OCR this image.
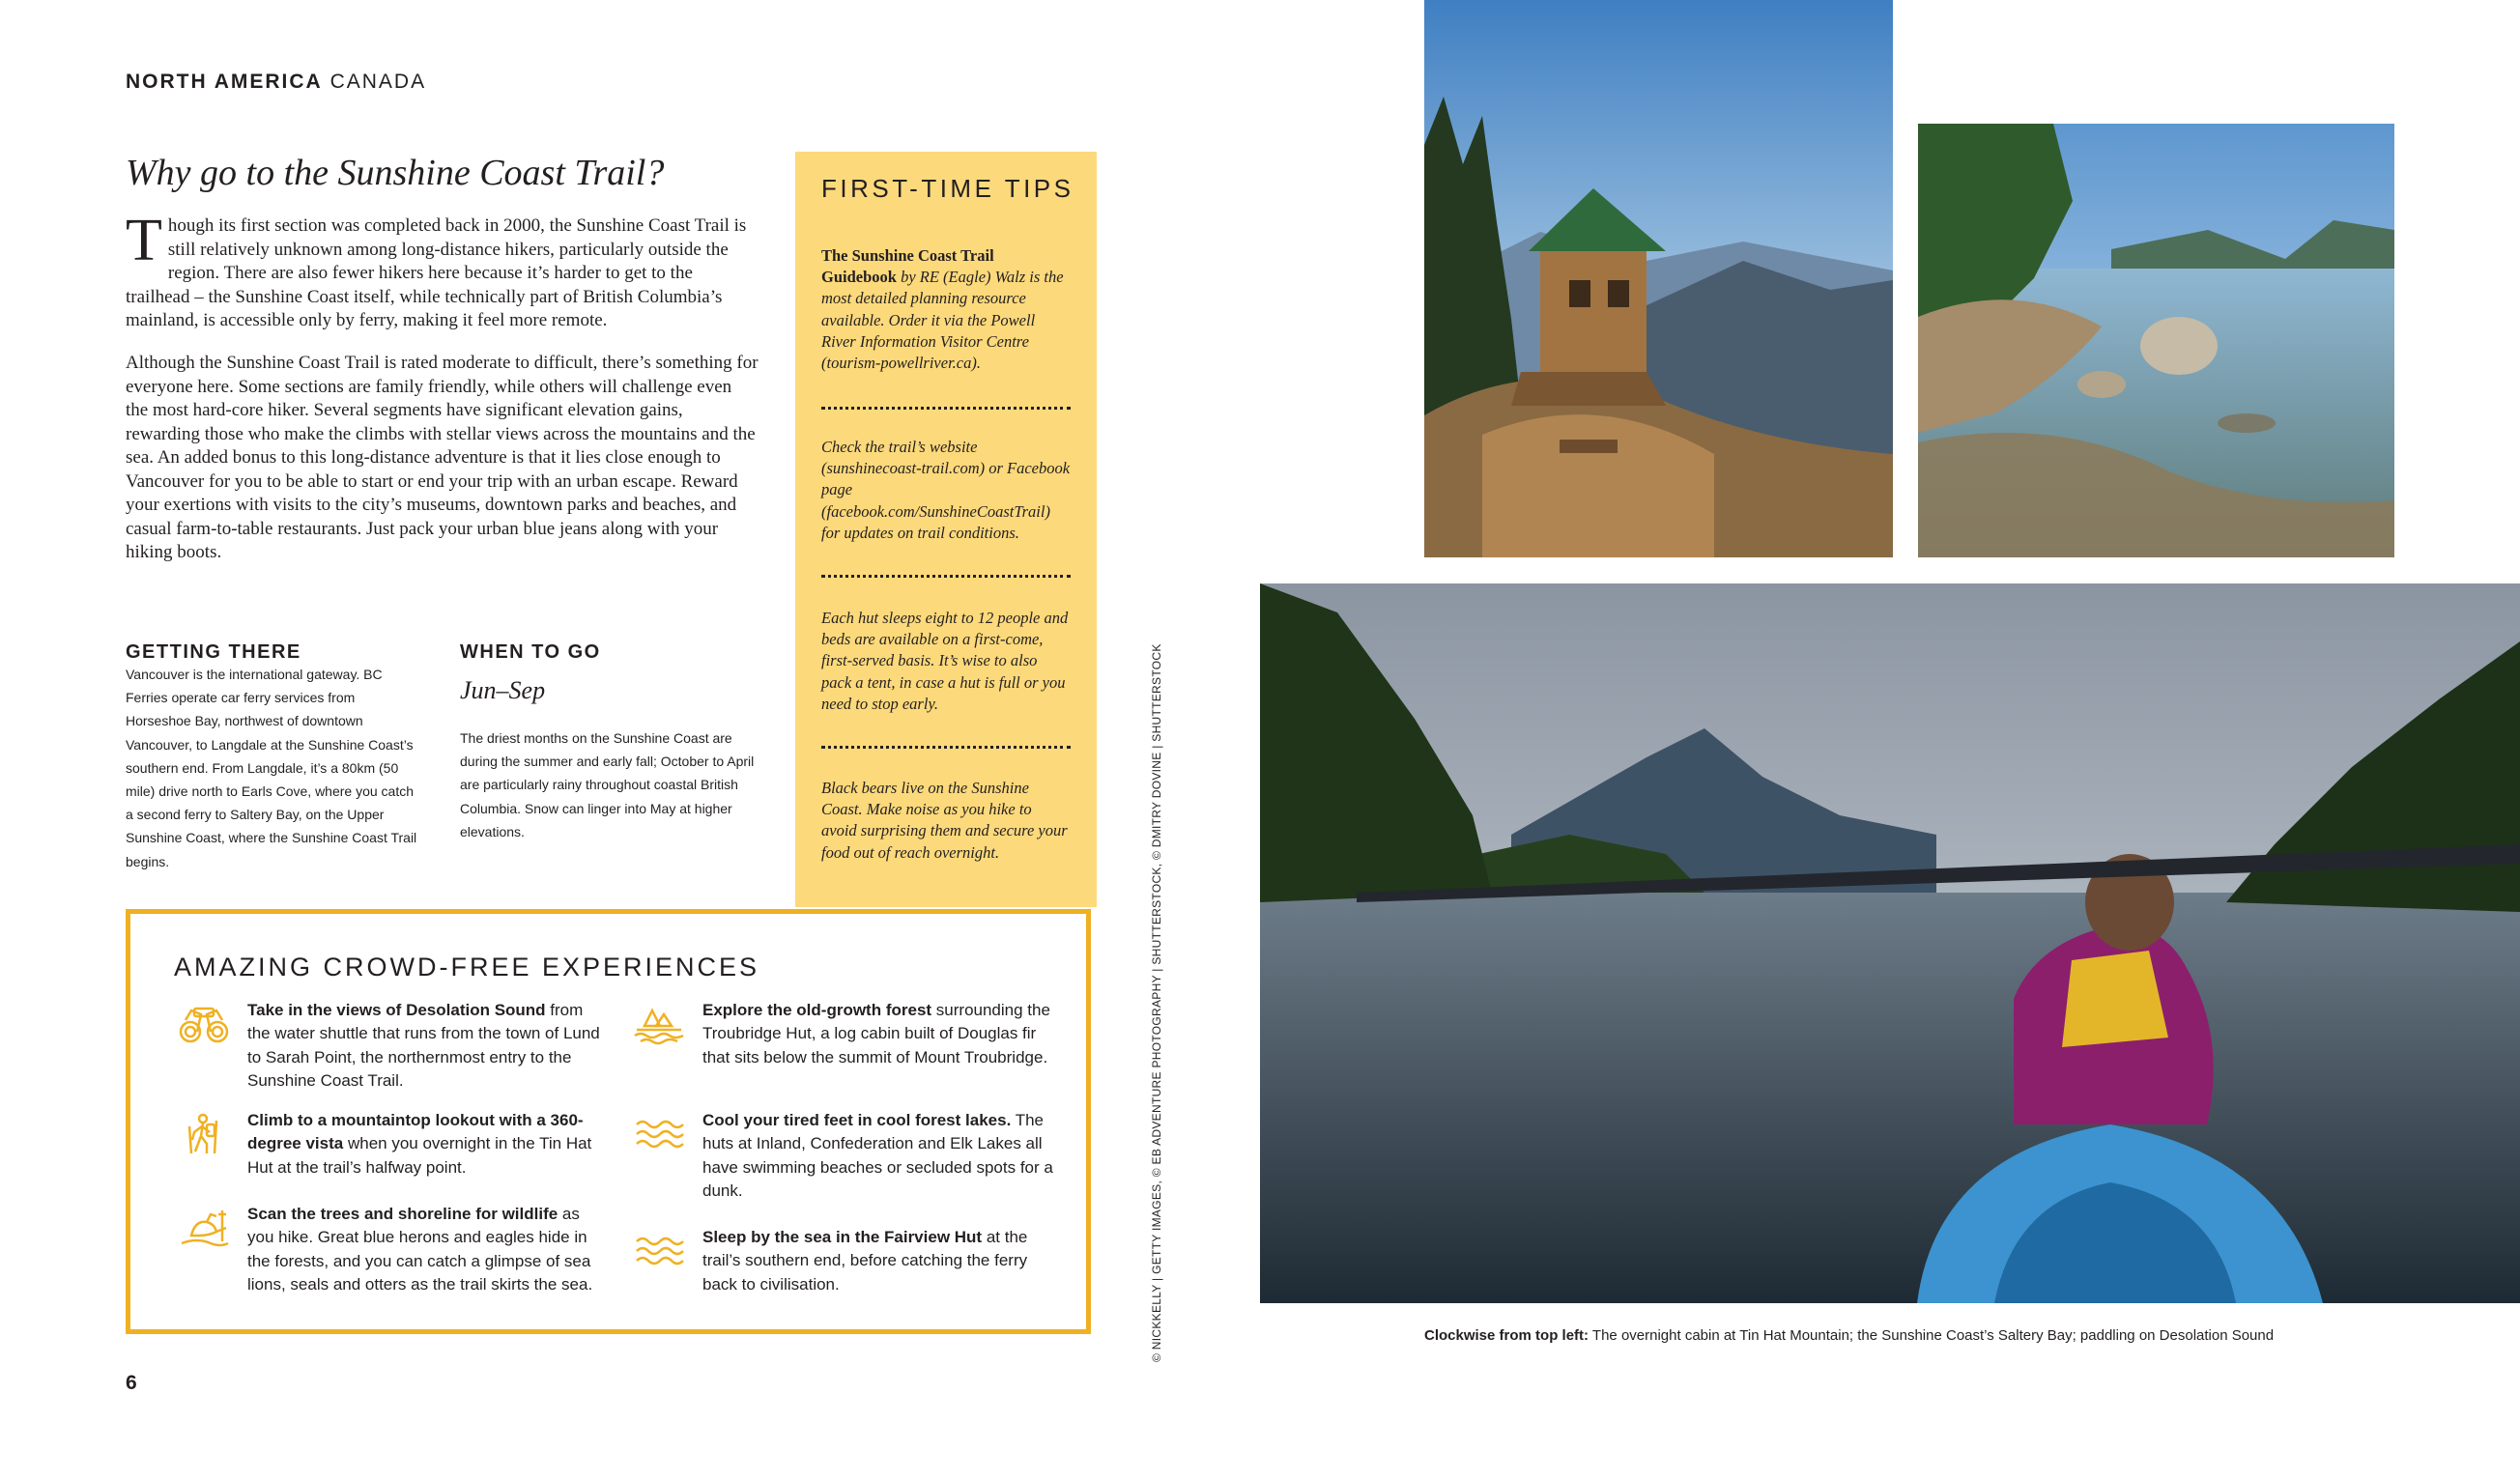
NORTH AMERICA CANADA
Why go to the Sunshine Coast Trail?

Though its first section was completed back in 2000, the Sunshine Coast Trail is still relatively unknown among long-distance hikers, particularly outside the region. There are also fewer hikers here because it’s harder to get to the trailhead – the Sunshine Coast itself, while technically part of British Columbia’s mainland, is accessible only by ferry, making it feel more remote.

Although the Sunshine Coast Trail is rated moderate to difficult, there’s something for everyone here. Some sections are family friendly, while others will challenge even the most hard-core hiker. Several segments have significant elevation gains, rewarding those who make the climbs with stellar views across the mountains and the sea. An added bonus to this long-distance adventure is that it lies close enough to Vancouver for you to be able to start or end your trip with an urban escape. Reward your exertions with visits to the city’s museums, downtown parks and beaches, and casual farm-to-table restaurants. Just pack your urban blue jeans along with your hiking boots.

GETTING THERE

Vancouver is the international gateway. BC Ferries operate car ferry services from Horseshoe Bay, northwest of downtown Vancouver, to Langdale at the Sunshine Coast’s southern end. From Langdale, it’s a 80km (50 mile) drive north to Earls Cove, where you catch a second ferry to Saltery Bay, on the Upper Sunshine Coast, where the Sunshine Coast Trail begins.

WHEN TO GO

Jun–Sep

The driest months on the Sunshine Coast are during the summer and early fall; October to April are particularly rainy throughout coastal British Columbia. Snow can linger into May at higher elevations.

FIRST-TIME TIPS

The Sunshine Coast Trail Guidebook by RE (Eagle) Walz is the most detailed planning resource available. Order it via the Powell River Information Visitor Centre (tourism-powellriver.ca).

Check the trail’s website (sunshinecoast-trail.com) or Facebook page (facebook.com/SunshineCoastTrail) for updates on trail conditions.

Each hut sleeps eight to 12 people and beds are available on a first-come, first-served basis. It’s wise to also pack a tent, in case a hut is full or you need to stop early.

Black bears live on the Sunshine Coast. Make noise as you hike to avoid surprising them and secure your food out of reach overnight.

AMAZING CROWD-FREE EXPERIENCES

Take in the views of Desolation Sound from the water shuttle that runs from the town of Lund to Sarah Point, the northernmost entry to the Sunshine Coast Trail.

Climb to a mountaintop lookout with a 360-degree vista when you overnight in the Tin Hat Hut at the trail’s halfway point.

Scan the trees and shoreline for wildlife as you hike. Great blue herons and eagles hide in the forests, and you can catch a glimpse of sea lions, seals and otters as the trail skirts the sea.

Explore the old-growth forest surrounding the Troubridge Hut, a log cabin built of Douglas fir that sits below the summit of Mount Troubridge.

Cool your tired feet in cool forest lakes. The huts at Inland, Confederation and Elk Lakes all have swimming beaches or secluded spots for a dunk.

Sleep by the sea in the Fairview Hut at the trail’s southern end, before catching the ferry back to civilisation.

6
© NICKKELLY | GETTY IMAGES, © EB ADVENTURE PHOTOGRAPHY | SHUTTERSTOCK, © DMITRY DOVINE | SHUTTERSTOCK	Clockwise from top left: The overnight cabin at Tin Hat Mountain; the Sunshine Coast’s Saltery Bay; paddling on Desolation Sound
